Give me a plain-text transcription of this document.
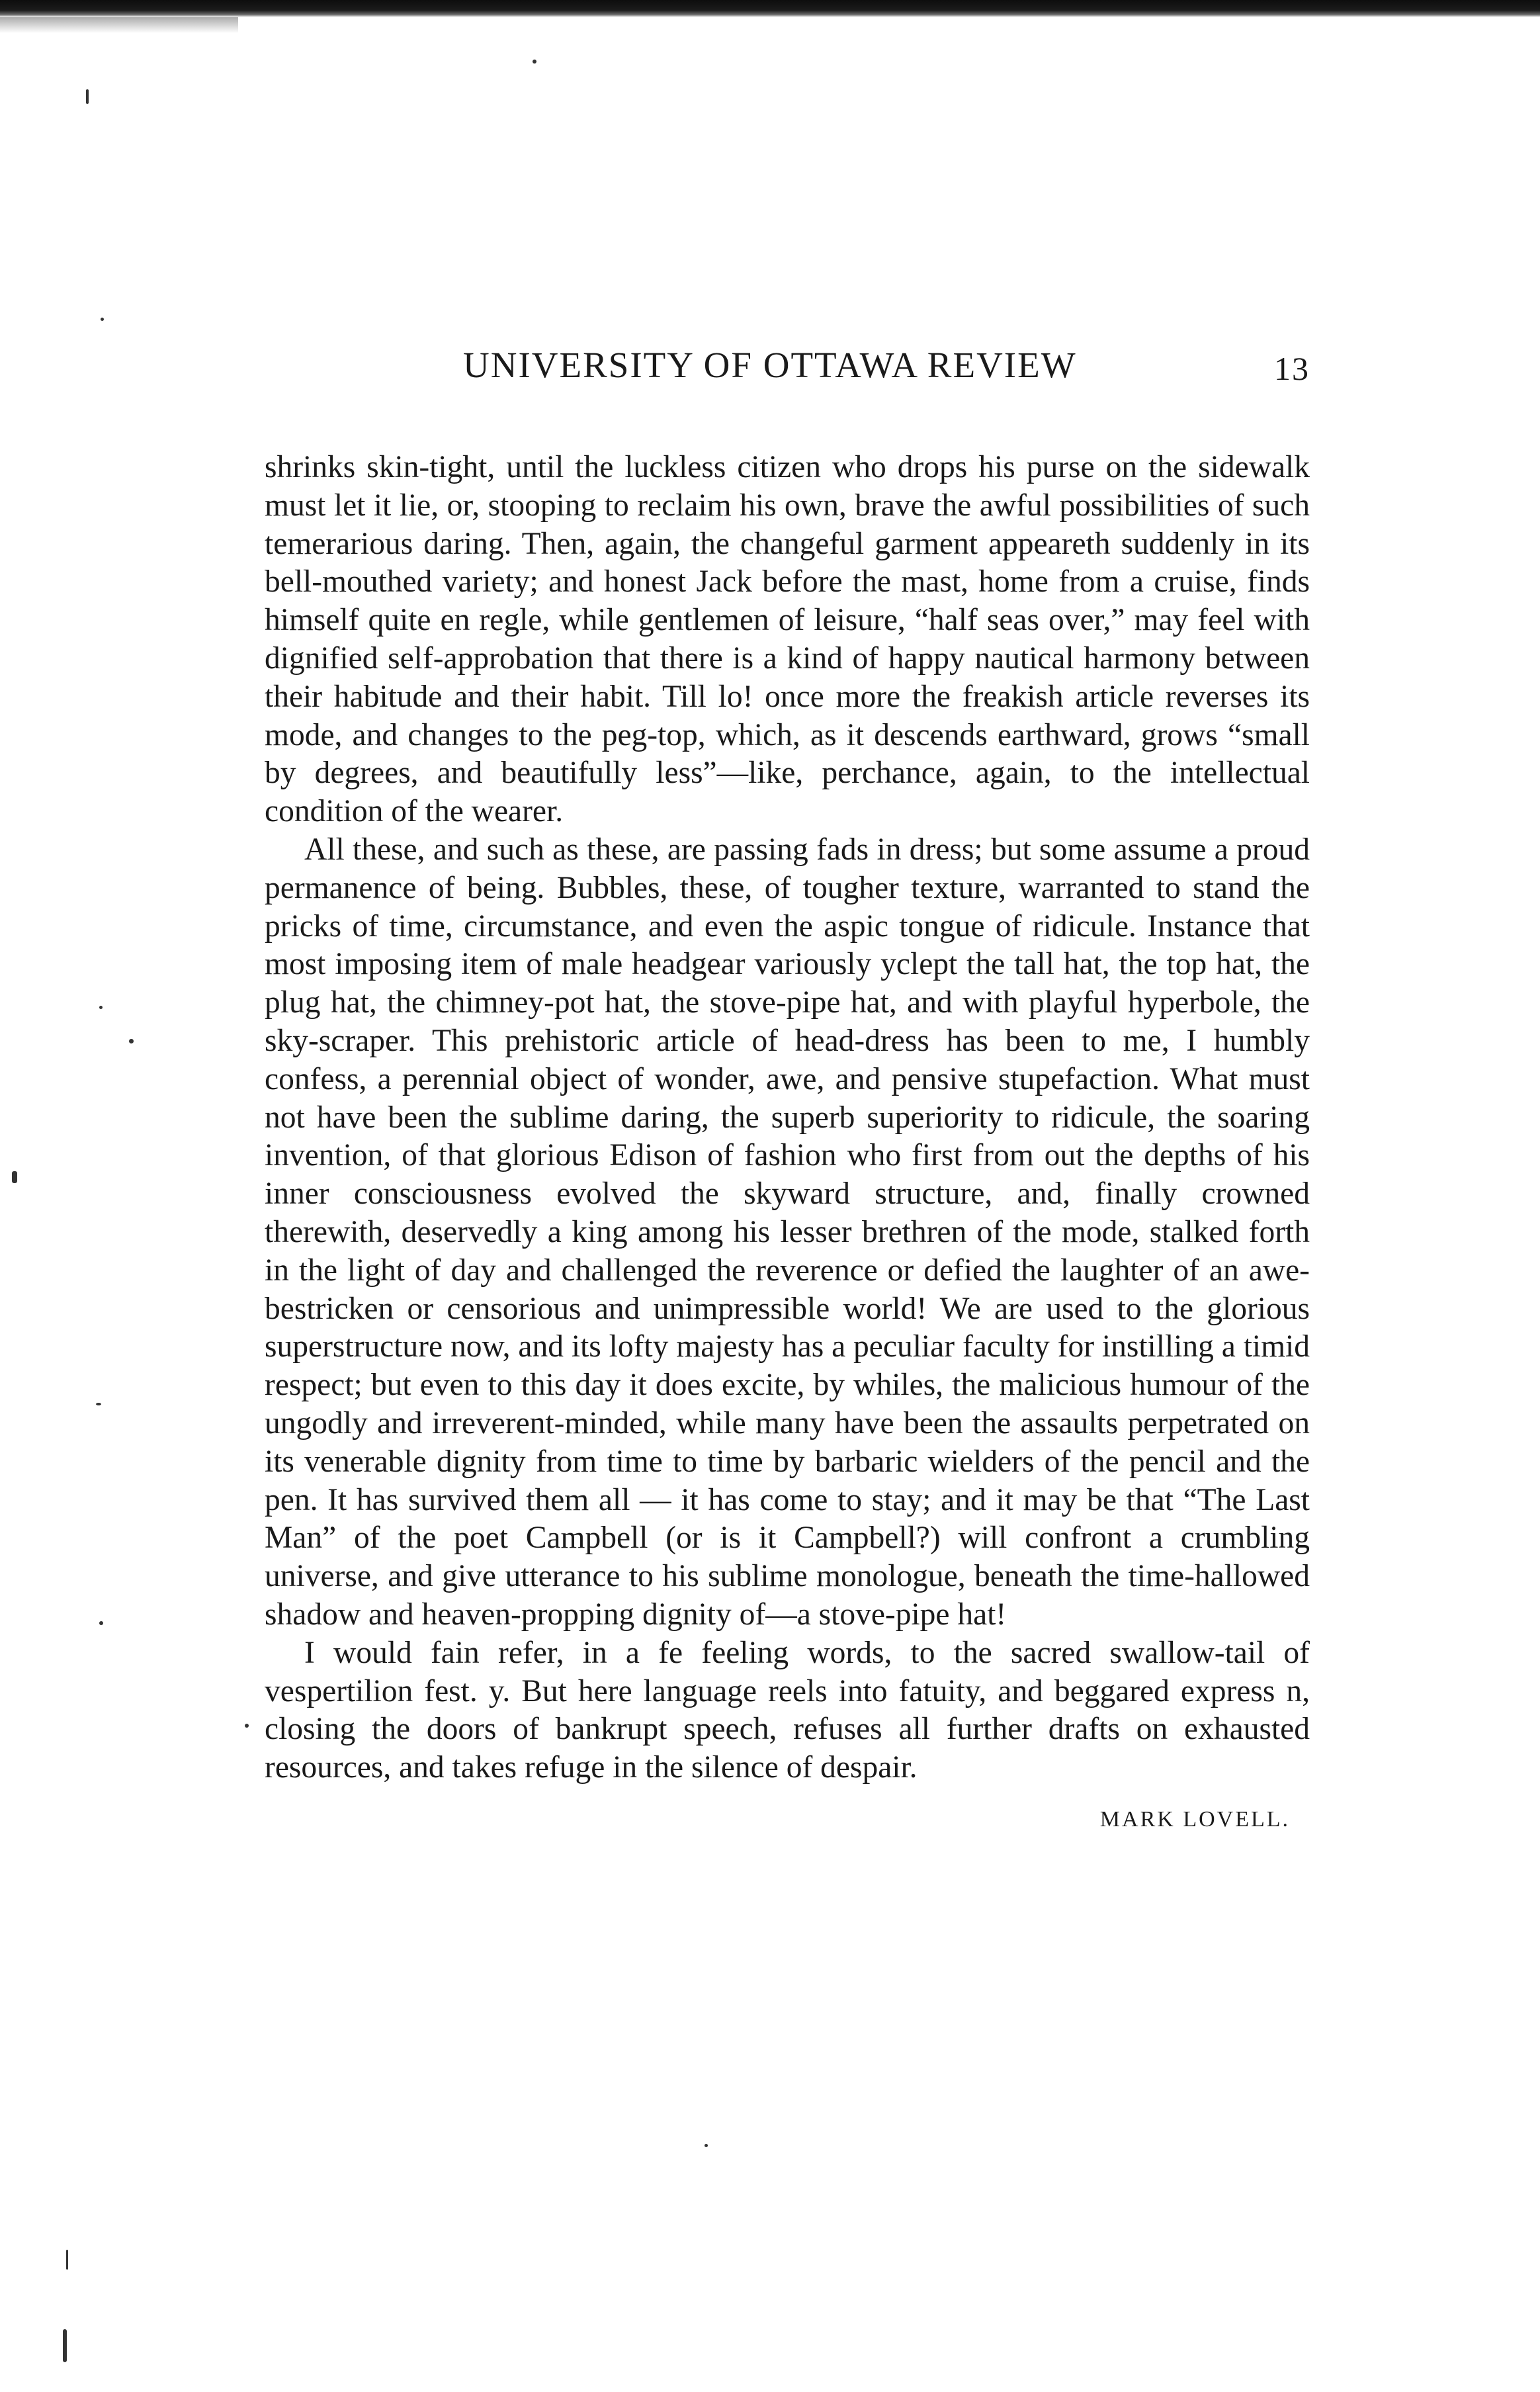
UNIVERSITY OF OTTAWA REVIEW	13

shrinks skin-tight, until the luckless citizen who drops his purse on the sidewalk must let it lie, or, stooping to reclaim his own, brave the awful possibilities of such temerarious daring. Then, again, the changeful garment appeareth suddenly in its bell-mouthed variety; and honest Jack before the mast, home from a cruise, finds himself quite en regle, while gentlemen of leisure, “half seas over,” may feel with dignified self-approbation that there is a kind of happy nautical harmony between their habitude and their habit. Till lo! once more the freakish article reverses its mode, and changes to the peg-top, which, as it descends earthward, grows “small by degrees, and beautifully less”—like, perchance, again, to the intellectual condition of the wearer.

All these, and such as these, are passing fads in dress; but some assume a proud permanence of being. Bubbles, these, of tougher texture, warranted to stand the pricks of time, circumstance, and even the aspic tongue of ridicule. Instance that most imposing item of male headgear variously yclept the tall hat, the top hat, the plug hat, the chimney-pot hat, the stove-pipe hat, and with playful hyperbole, the sky-scraper. This prehistoric article of head-dress has been to me, I humbly confess, a perennial object of wonder, awe, and pensive stupefaction. What must not have been the sublime daring, the superb superiority to ridicule, the soaring invention, of that glorious Edison of fashion who first from out the depths of his inner consciousness evolved the skyward structure, and, finally crowned therewith, deservedly a king among his lesser brethren of the mode, stalked forth in the light of day and challenged the reverence or defied the laughter of an awe-bestricken or censorious and unimpressible world! We are used to the glorious superstructure now, and its lofty majesty has a peculiar faculty for instilling a timid respect; but even to this day it does excite, by whiles, the malicious humour of the ungodly and irreverent-minded, while many have been the assaults perpetrated on its venerable dignity from time to time by barbaric wielders of the pencil and the pen. It has survived them all — it has come to stay; and it may be that “The Last Man” of the poet Campbell (or is it Campbell?) will confront a crumbling universe, and give utterance to his sublime monologue, beneath the time-hallowed shadow and heaven-propping dignity of—a stove-pipe hat!

I would fain refer, in a fe feeling words, to the sacred swallow-tail of vespertilion fest. y. But here language reels into fatuity, and beggared express n, closing the doors of bankrupt speech, refuses all further drafts on exhausted resources, and takes refuge in the silence of despair.

MARK LOVELL.
